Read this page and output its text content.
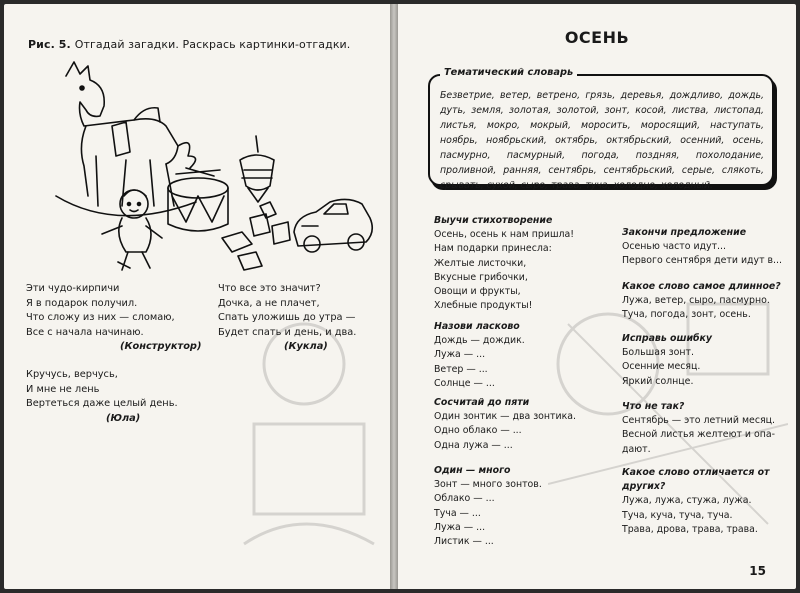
Рис. 5. Отгадай загадки. Раскрась картинки-отгадки.
Эти чудо-кирпичи
Я в подарок получил.
Что сложу из них — сломаю,
Все с начала начинаю.
(Конструктор)
Что все это значит?
Дочка, а не плачет,
Спать уложишь до утра —
Будет спать и день, и два.
(Кукла)
Кручусь, верчусь,
И мне не лень
Вертеться даже целый день.
(Юла)
ОСЕНЬ
Тематический словарь
Безветрие, ветер, ветрено, грязь, деревья, дождливо, дождь, дуть, земля, золотая, золотой, зонт, косой, листва, листопад, листья, мокро, мокрый, моросить, моросящий, наступать, ноябрь, ноябрьский, октябрь, октябрьский, осенний, осень, пасмурно, пасмурный, погода, поздняя, похолодание, проливной, ранняя, сентябрь, сентябрьский, серые, слякоть, срывать, сухой, сыро, трава, туча, холодно, холодный.
Выучи стихотворение
Осень, осень к нам пришла!
Нам подарки принесла:
Желтые листочки,
Вкусные грибочки,
Овощи и фрукты,
Хлебные продукты!
Назови ласково
Дождь — дождик.
Лужа — ...
Ветер — ...
Солнце — ...
Сосчитай до пяти
Один зонтик — два зонтика.
Одно облако — ...
Одна лужа — ...
Один — много
Зонт — много зонтов.
Облако — ...
Туча — ...
Лужа — ...
Листик — ...
Закончи предложение
Осенью часто идут...
Первого сентября дети идут в...
Какое слово самое длинное?
Лужа, ветер, сыро, пасмурно.
Туча, погода, зонт, осень.
Исправь ошибку
Большая зонт.
Осенние месяц.
Яркий солнце.
Что не так?
Сентябрь — это летний месяц.
Весной листья желтеют и опа-
дают.
Какое слово отличается от
других?
Лужа, лужа, стужа, лужа.
Туча, куча, туча, туча.
Трава, дрова, трава, трава.
15
